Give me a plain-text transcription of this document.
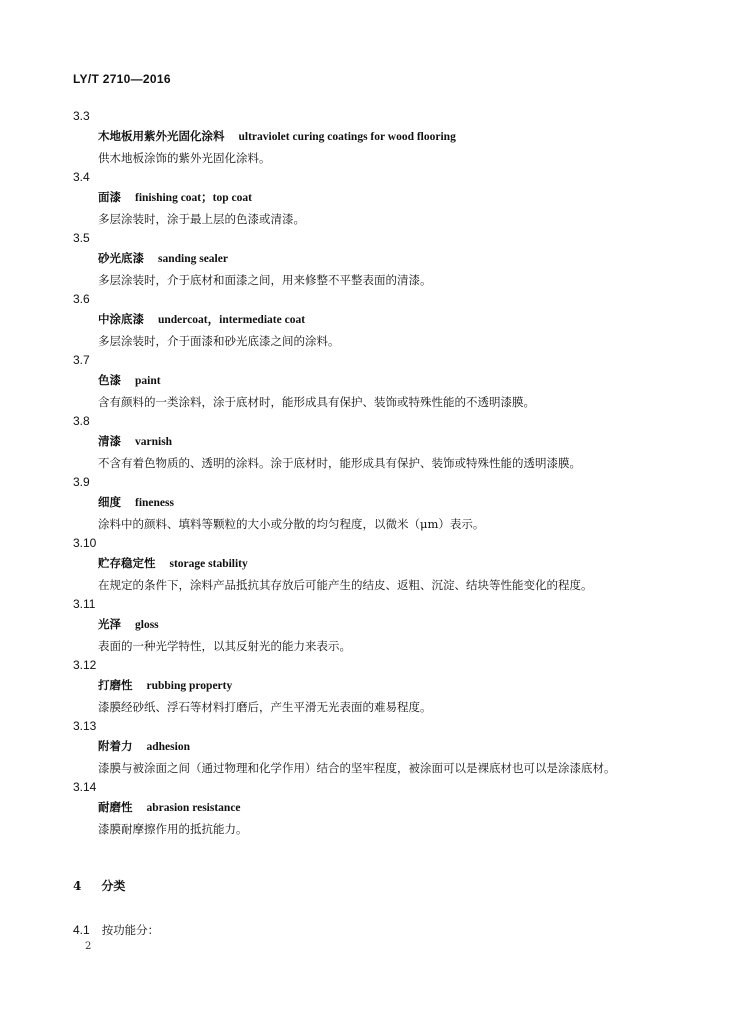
LY/T 2710—2016
3.3
木地板用紫外光固化涂料 ultraviolet curing coatings for wood flooring
供木地板涂饰的紫外光固化涂料。
3.4
面漆 finishing coat；top coat
多层涂装时，涂于最上层的色漆或清漆。
3.5
砂光底漆 sanding sealer
多层涂装时，介于底材和面漆之间，用来修整不平整表面的清漆。
3.6
中涂底漆 undercoat，intermediate coat
多层涂装时，介于面漆和砂光底漆之间的涂料。
3.7
色漆 paint
含有颜料的一类涂料，涂于底材时，能形成具有保护、装饰或特殊性能的不透明漆膜。
3.8
清漆 varnish
不含有着色物质的、透明的涂料。涂于底材时，能形成具有保护、装饰或特殊性能的透明漆膜。
3.9
细度 fineness
涂料中的颜料、填料等颗粒的大小或分散的均匀程度，以微米（μm）表示。
3.10
贮存稳定性 storage stability
在规定的条件下，涂料产品抵抗其存放后可能产生的结皮、返粗、沉淀、结块等性能变化的程度。
3.11
光泽 gloss
表面的一种光学特性，以其反射光的能力来表示。
3.12
打磨性 rubbing property
漆膜经砂纸、浮石等材料打磨后，产生平滑无光表面的难易程度。
3.13
附着力 adhesion
漆膜与被涂面之间（通过物理和化学作用）结合的坚牢程度，被涂面可以是裸底材也可以是涂漆底材。
3.14
耐磨性 abrasion resistance
漆膜耐摩擦作用的抵抗能力。
4 分类
4.1 按功能分：
2
